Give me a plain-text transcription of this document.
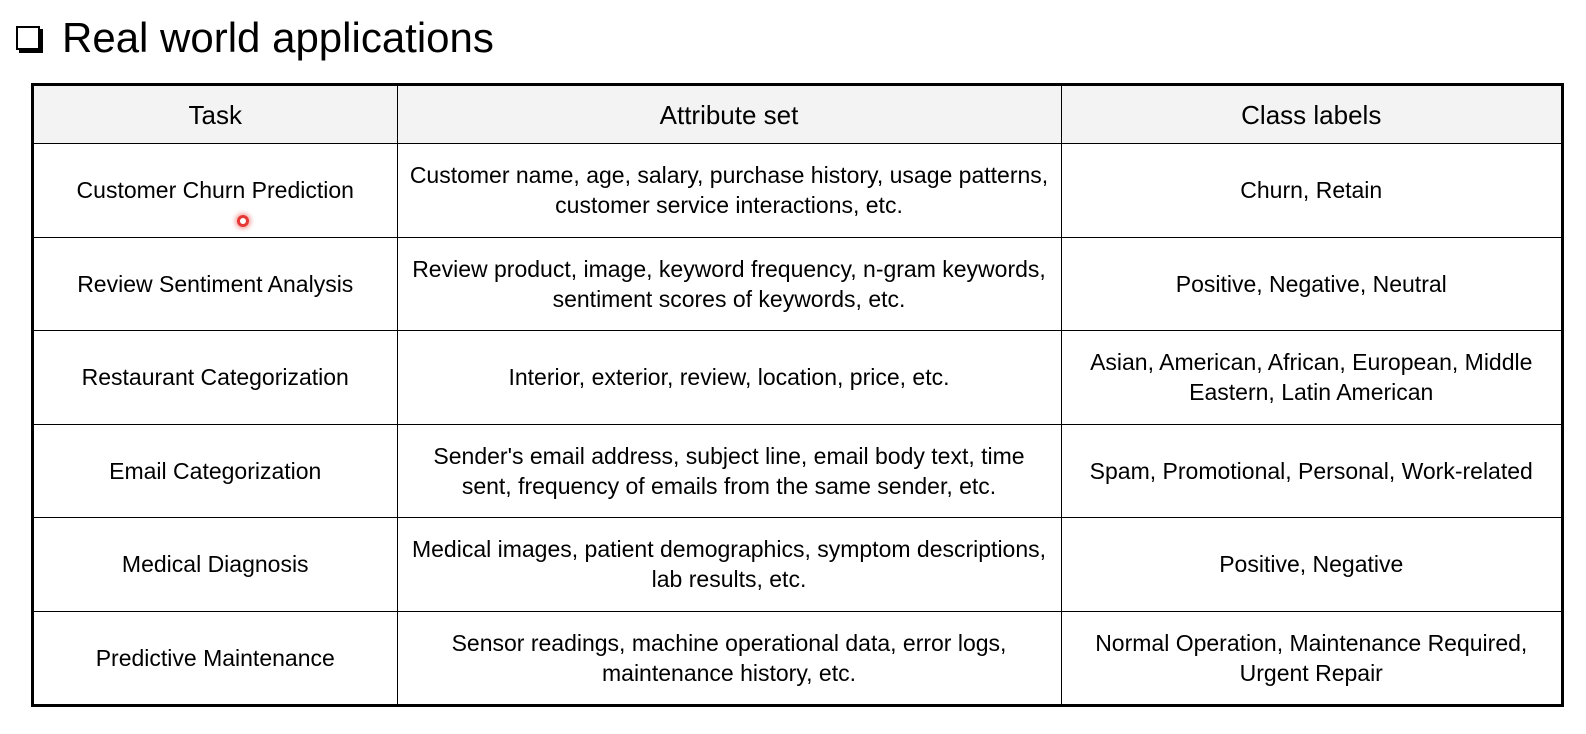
Real world applications
Task	Attribute set	Class labels
Customer Churn Prediction	Customer name, age, salary, purchase history, usage patterns, customer service interactions, etc.	Churn, Retain
Review Sentiment Analysis	Review product, image, keyword frequency, n-gram keywords, sentiment scores of keywords, etc.	Positive, Negative, Neutral
Restaurant Categorization	Interior, exterior, review, location, price, etc.	Asian, American, African, European, Middle Eastern, Latin American
Email Categorization	Sender's email address, subject line, email body text, time sent, frequency of emails from the same sender, etc.	Spam, Promotional, Personal, Work-related
Medical Diagnosis	Medical images, patient demographics, symptom descriptions, lab results, etc.	Positive, Negative
Predictive Maintenance	Sensor readings, machine operational data, error logs, maintenance history, etc.	Normal Operation, Maintenance Required, Urgent Repair
